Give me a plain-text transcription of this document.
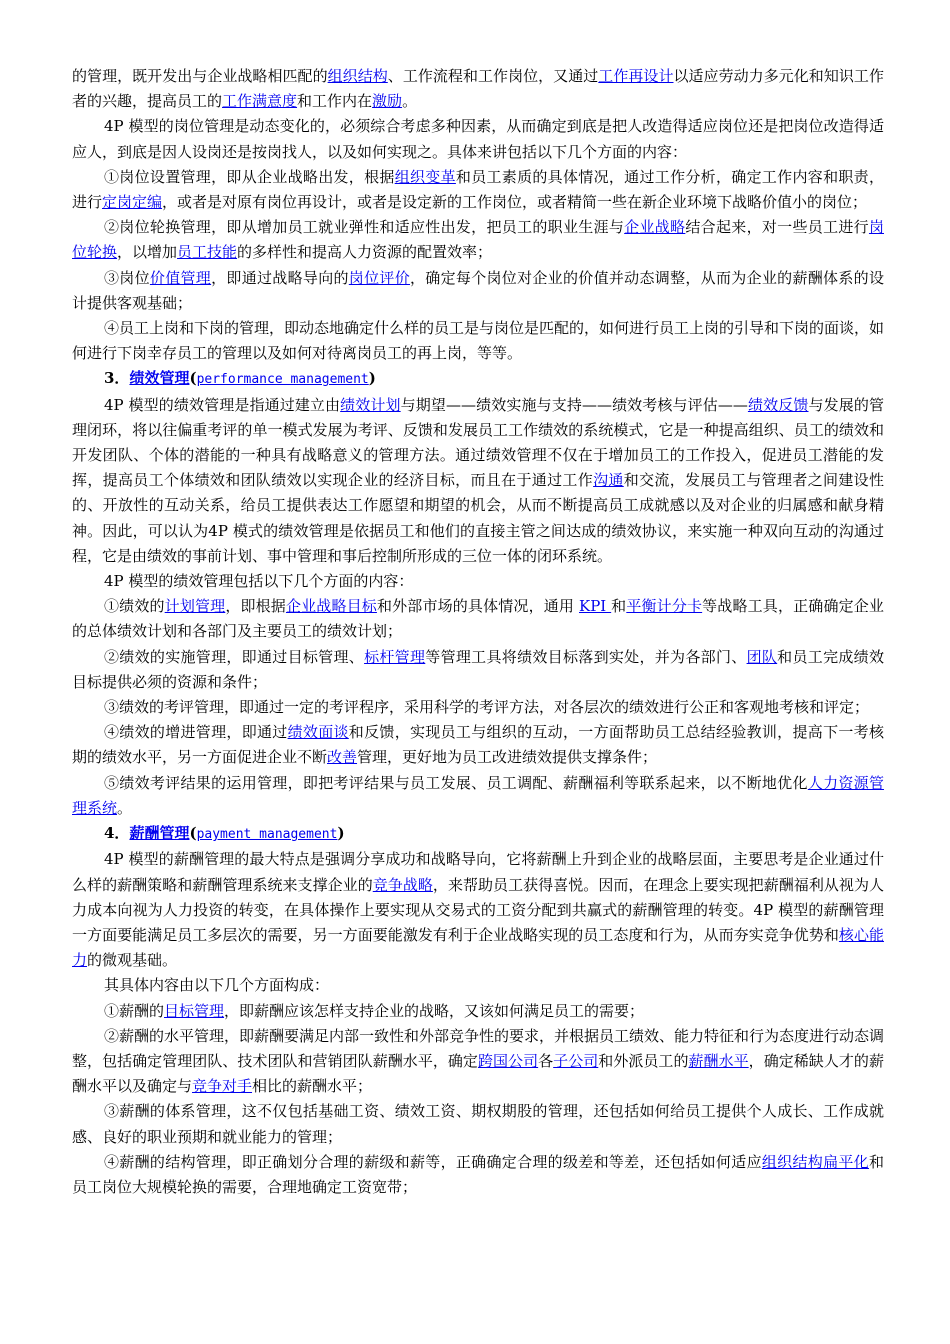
的管理，既开发出与企业战略相匹配的组织结构、工作流程和工作岗位，又通过工作再设计以适应劳动力多元化和知识工作者的兴趣，提高员工的工作满意度和工作内在激励。

4P 模型的岗位管理是动态变化的，必须综合考虑多种因素，从而确定到底是把人改造得适应岗位还是把岗位改造得适应人，到底是因人设岗还是按岗找人，以及如何实现之。具体来讲包括以下几个方面的内容：

①岗位设置管理，即从企业战略出发，根据组织变革和员工素质的具体情况，通过工作分析，确定工作内容和职责，进行定岗定编，或者是对原有岗位再设计，或者是设定新的工作岗位，或者精简一些在新企业环境下战略价值小的岗位；

②岗位轮换管理，即从增加员工就业弹性和适应性出发，把员工的职业生涯与企业战略结合起来，对一些员工进行岗位轮换，以增加员工技能的多样性和提高人力资源的配置效率；

③岗位价值管理，即通过战略导向的岗位评价，确定每个岗位对企业的价值并动态调整，从而为企业的薪酬体系的设计提供客观基础；

④员工上岗和下岗的管理，即动态地确定什么样的员工是与岗位是匹配的，如何进行员工上岗的引导和下岗的面谈，如何进行下岗幸存员工的管理以及如何对待离岗员工的再上岗，等等。

3．绩效管理(performance management)

4P 模型的绩效管理是指通过建立由绩效计划与期望——绩效实施与支持——绩效考核与评估——绩效反馈与发展的管理闭环，将以往偏重考评的单一模式发展为考评、反馈和发展员工工作绩效的系统模式，它是一种提高组织、员工的绩效和开发团队、个体的潜能的一种具有战略意义的管理方法。通过绩效管理不仅在于增加员工的工作投入，促进员工潜能的发挥，提高员工个体绩效和团队绩效以实现企业的经济目标，而且在于通过工作沟通和交流，发展员工与管理者之间建设性的、开放性的互动关系，给员工提供表达工作愿望和期望的机会，从而不断提高员工成就感以及对企业的归属感和献身精神。因此，可以认为4P 模式的绩效管理是依据员工和他们的直接主管之间达成的绩效协议，来实施一种双向互动的沟通过程，它是由绩效的事前计划、事中管理和事后控制所形成的三位一体的闭环系统。

4P 模型的绩效管理包括以下几个方面的内容：

①绩效的计划管理，即根据企业战略目标和外部市场的具体情况，通用 KPI 和平衡计分卡等战略工具，正确确定企业的总体绩效计划和各部门及主要员工的绩效计划；

②绩效的实施管理，即通过目标管理、标杆管理等管理工具将绩效目标落到实处，并为各部门、团队和员工完成绩效目标提供必须的资源和条件；

③绩效的考评管理，即通过一定的考评程序，采用科学的考评方法，对各层次的绩效进行公正和客观地考核和评定；

④绩效的增进管理，即通过绩效面谈和反馈，实现员工与组织的互动，一方面帮助员工总结经验教训，提高下一考核期的绩效水平，另一方面促进企业不断改善管理，更好地为员工改进绩效提供支撑条件；

⑤绩效考评结果的运用管理，即把考评结果与员工发展、员工调配、薪酬福利等联系起来，以不断地优化人力资源管理系统。

4．薪酬管理(payment management)

4P 模型的薪酬管理的最大特点是强调分享成功和战略导向，它将薪酬上升到企业的战略层面，主要思考是企业通过什么样的薪酬策略和薪酬管理系统来支撑企业的竞争战略，来帮助员工获得喜悦。因而，在理念上要实现把薪酬福利从视为人力成本向视为人力投资的转变，在具体操作上要实现从交易式的工资分配到共赢式的薪酬管理的转变。4P 模型的薪酬管理一方面要能满足员工多层次的需要，另一方面要能激发有利于企业战略实现的员工态度和行为，从而夯实竞争优势和核心能力的微观基础。

其具体内容由以下几个方面构成：

①薪酬的目标管理，即薪酬应该怎样支持企业的战略，又该如何满足员工的需要；

②薪酬的水平管理，即薪酬要满足内部一致性和外部竞争性的要求，并根据员工绩效、能力特征和行为态度进行动态调整，包括确定管理团队、技术团队和营销团队薪酬水平，确定跨国公司各子公司和外派员工的薪酬水平，确定稀缺人才的薪酬水平以及确定与竞争对手相比的薪酬水平；

③薪酬的体系管理，这不仅包括基础工资、绩效工资、期权期股的管理，还包括如何给员工提供个人成长、工作成就感、良好的职业预期和就业能力的管理；

④薪酬的结构管理，即正确划分合理的薪级和薪等，正确确定合理的级差和等差，还包括如何适应组织结构扁平化和员工岗位大规模轮换的需要，合理地确定工资宽带；
